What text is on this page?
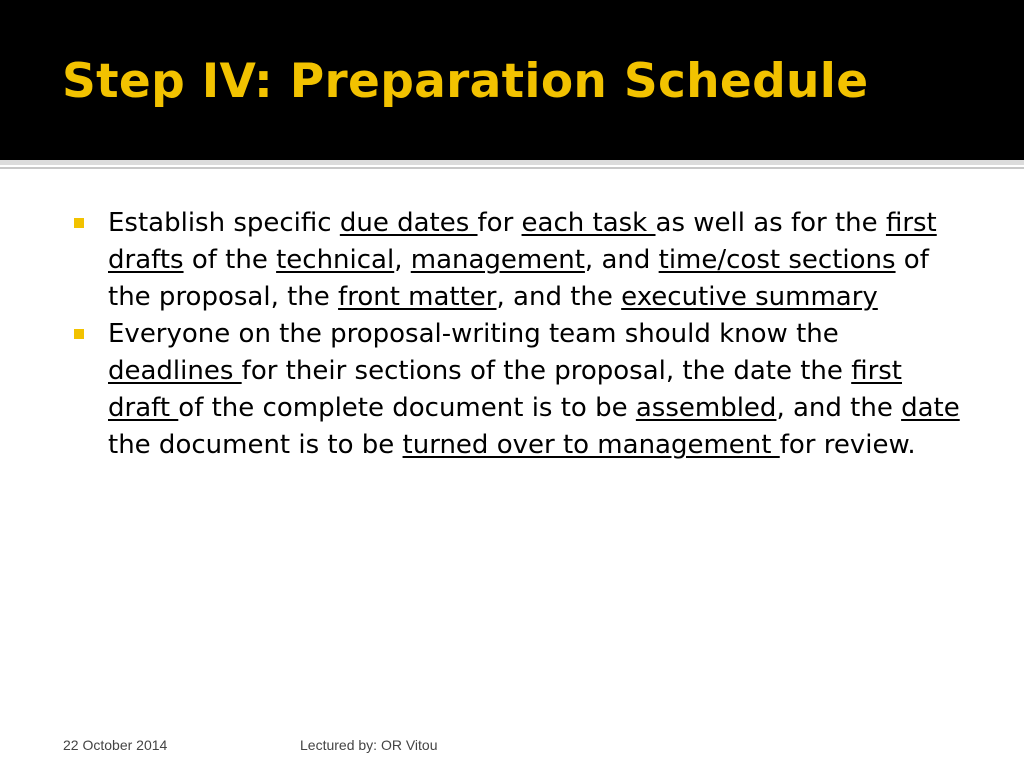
Step IV: Preparation Schedule
Establish specific due dates for each task as well as for the first drafts of the technical, management, and time/cost sections of the proposal, the front matter, and the executive summary
Everyone on the proposal-writing team should know the deadlines for their sections of the proposal, the date the first draft of the complete document is to be assembled, and the date the document is to be turned over to management for review.
22 October 2014	Lectured by: OR Vitou
